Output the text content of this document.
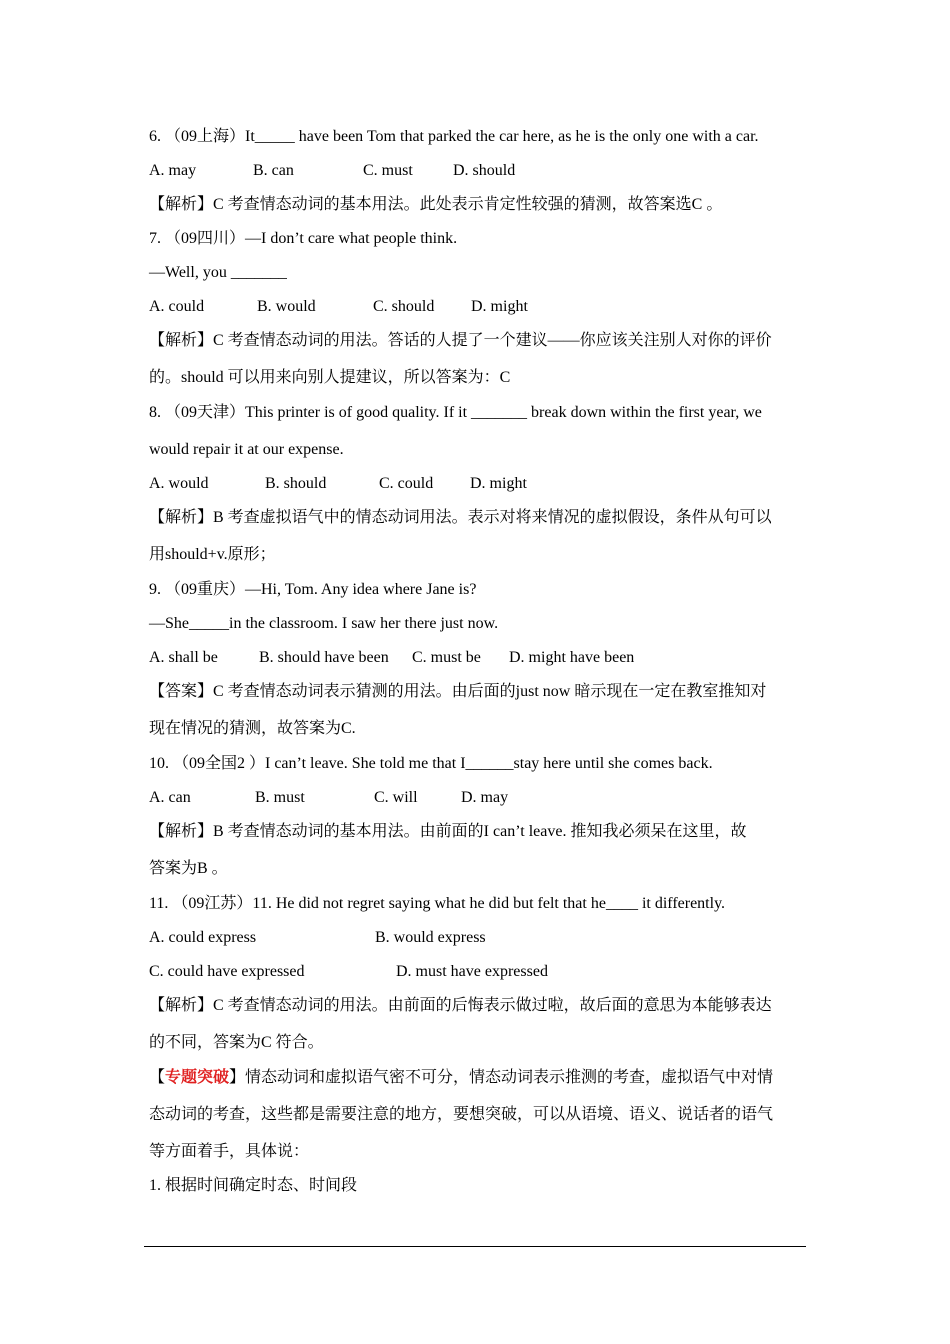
6. （09上海）It_____ have been Tom that parked the car here, as he is the only one with a car.
A. may	B. can	C. must	D. should
【解析】C 考查情态动词的基本用法。此处表示肯定性较强的猜测，故答案选C 。
7. （09四川）—I don’t care what people think.
—Well, you _______
A. could	B. would	C. should D. might
【解析】C 考查情态动词的用法。答话的人提了一个建议——你应该关注别人对你的评价
的。should 可以用来向别人提建议，所以答案为：C
8. （09天津）This printer is of good quality. If it _______ break down within the first year, we
would repair it at our expense.
A. would	B. should	C. could D. might
【解析】B 考查虚拟语气中的情态动词用法。表示对将来情况的虚拟假设，条件从句可以
用should+v.原形；
9. （09重庆）—Hi, Tom. Any idea where Jane is?
—She_____in the classroom. I saw her there just now.
A. shall be	B. should have been C. must be D. might have been
【答案】C 考查情态动词表示猜测的用法。由后面的just now 暗示现在一定在教室推知对
现在情况的猜测，故答案为C.
10. （09全国2 ）I can’t leave. She told me that I______stay here until she comes back.
A. can	B. must	C. will	D. may
【解析】B 考查情态动词的基本用法。由前面的I can’t leave. 推知我必须呆在这里，故
答案为B 。
11. （09江苏）11. He did not regret saying what he did but felt that he____ it differently.
A. could express	B. would express
C. could have expressed	D. must have expressed
【解析】C 考查情态动词的用法。由前面的后悔表示做过啦，故后面的意思为本能够表达
的不同，答案为C 符合。
【专题突破】情态动词和虚拟语气密不可分，情态动词表示推测的考查，虚拟语气中对情
态动词的考查，这些都是需要注意的地方，要想突破，可以从语境、语义、说话者的语气
等方面着手，具体说：
1. 根据时间确定时态、时间段
